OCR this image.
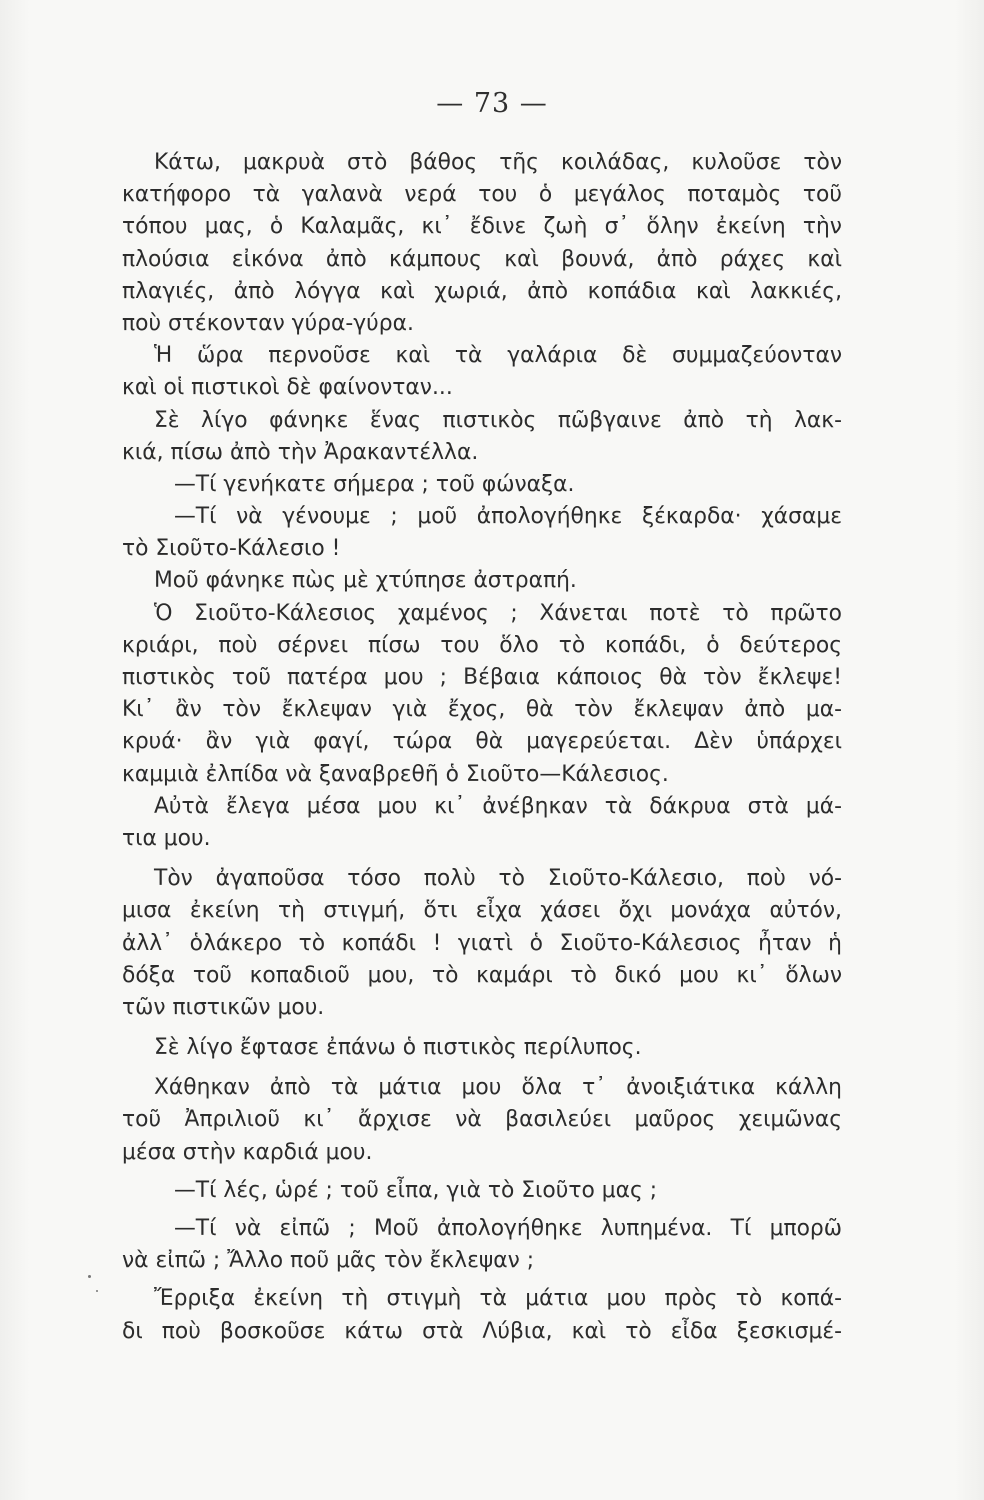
— 73 —
Κάτω, μακρυὰ στὸ βάθος τῆς κοιλάδας, κυλοῦσε τὸν
κατήφορο τὰ γαλανὰ νερά του ὁ μεγάλος ποταμὸς τοῦ
τόπου μας, ὁ Καλαμᾶς, κι᾽ ἔδινε ζωὴ σ᾽ ὅλην ἐκείνη τὴν
πλούσια εἰκόνα ἀπὸ κάμπους καὶ βουνά, ἀπὸ ράχες καὶ
πλαγιές, ἀπὸ λόγγα καὶ χωριά, ἀπὸ κοπάδια καὶ λακκιές,
ποὺ στέκονταν γύρα-γύρα.
Ἡ ὥρα περνοῦσε καὶ τὰ γαλάρια δὲ συμμαζεύονταν
καὶ οἱ πιστικοὶ δὲ φαίνονταν...
Σὲ λίγο φάνηκε ἕνας πιστικὸς πῶβγαινε ἀπὸ τὴ λακ-
κιά, πίσω ἀπὸ τὴν Ἀρακαντέλλα.
—Τί γενήκατε σήμερα ; τοῦ φώναξα.
—Τί νὰ γένουμε ; μοῦ ἀπολογήθηκε ξέκαρδα· χάσαμε
τὸ Σιοῦτο-Κάλεσιο !
Μοῦ φάνηκε πὼς μὲ χτύπησε ἀστραπή.
Ὁ Σιοῦτο-Κάλεσιος χαμένος ; Χάνεται ποτὲ τὸ πρῶτο
κριάρι, ποὺ σέρνει πίσω του ὅλο τὸ κοπάδι, ὁ δεύτερος
πιστικὸς τοῦ πατέρα μου ; Βέβαια κάποιος θὰ τὸν ἔκλεψε!
Κι᾽ ἂν τὸν ἔκλεψαν γιὰ ἔχος, θὰ τὸν ἔκλεψαν ἀπὸ μα-
κρυά· ἂν γιὰ φαγί, τώρα θὰ μαγερεύεται. Δὲν ὑπάρχει
καμμιὰ ἐλπίδα νὰ ξαναβρεθῆ ὁ Σιοῦτο—Κάλεσιος.
Αὐτὰ ἔλεγα μέσα μου κι᾽ ἀνέβηκαν τὰ δάκρυα στὰ μά-
τια μου.
Τὸν ἀγαποῦσα τόσο πολὺ τὸ Σιοῦτο-Κάλεσιο, ποὺ νό-
μισα ἐκείνη τὴ στιγμή, ὅτι εἶχα χάσει ὄχι μονάχα αὐτόν,
ἀλλ᾽ ὁλάκερο τὸ κοπάδι ! γιατὶ ὁ Σιοῦτο-Κάλεσιος ἦταν ἡ
δόξα τοῦ κοπαδιοῦ μου, τὸ καμάρι τὸ δικό μου κι᾽ ὅλων
τῶν πιστικῶν μου.
Σὲ λίγο ἔφτασε ἐπάνω ὁ πιστικὸς περίλυπος.
Χάθηκαν ἀπὸ τὰ μάτια μου ὅλα τ᾽ ἀνοιξιάτικα κάλλη
τοῦ Ἀπριλιοῦ κι᾽ ἄρχισε νὰ βασιλεύει μαῦρος χειμῶνας
μέσα στὴν καρδιά μου.
—Τί λές, ὡρέ ; τοῦ εἶπα, γιὰ τὸ Σιοῦτο μας ;
—Τί νὰ εἰπῶ ; Μοῦ ἀπολογήθηκε λυπημένα. Τί μπορῶ
νὰ εἰπῶ ; Ἄλλο ποῦ μᾶς τὸν ἔκλεψαν ;
Ἔρριξα ἐκείνη τὴ στιγμὴ τὰ μάτια μου πρὸς τὸ κοπά-
δι ποὺ βοσκοῦσε κάτω στὰ Λύβια, καὶ τὸ εἶδα ξεσκισμέ-
